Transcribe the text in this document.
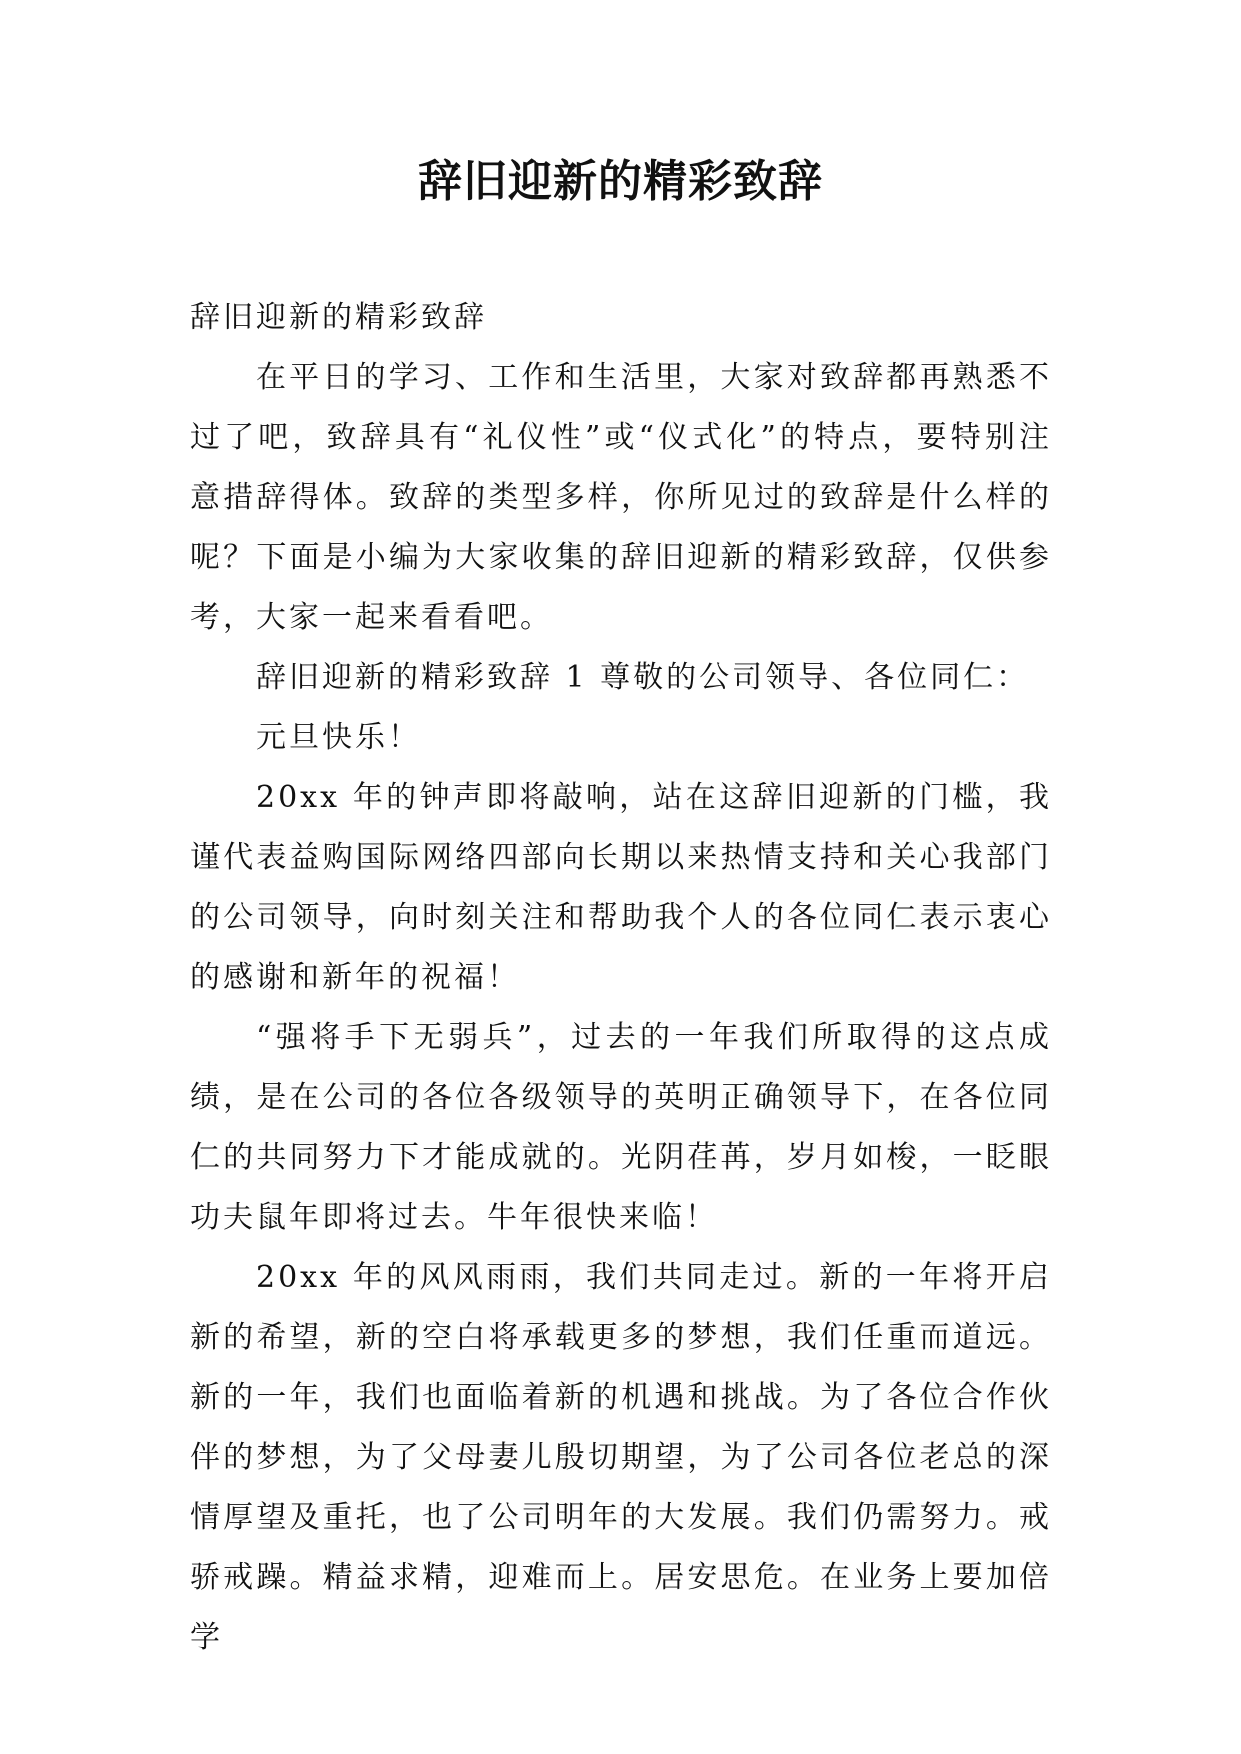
辞旧迎新的精彩致辞

辞旧迎新的精彩致辞

在平日的学习、工作和生活里，大家对致辞都再熟悉不过了吧，致辞具有“礼仪性”或“仪式化”的特点，要特别注意措辞得体。致辞的类型多样，你所见过的致辞是什么样的呢？下面是小编为大家收集的辞旧迎新的精彩致辞，仅供参考，大家一起来看看吧。

辞旧迎新的精彩致辞 1 尊敬的公司领导、各位同仁：

元旦快乐！

20xx 年的钟声即将敲响，站在这辞旧迎新的门槛，我谨代表益购国际网络四部向长期以来热情支持和关心我部门的公司领导，向时刻关注和帮助我个人的各位同仁表示衷心的感谢和新年的祝福！

“强将手下无弱兵”，过去的一年我们所取得的这点成绩，是在公司的各位各级领导的英明正确领导下，在各位同仁的共同努力下才能成就的。光阴荏苒，岁月如梭，一眨眼功夫鼠年即将过去。牛年很快来临！

20xx 年的风风雨雨，我们共同走过。新的一年将开启新的希望，新的空白将承载更多的梦想，我们任重而道远。新的一年，我们也面临着新的机遇和挑战。为了各位合作伙伴的梦想，为了父母妻儿殷切期望，为了公司各位老总的深情厚望及重托，也了公司明年的大发展。我们仍需努力。戒骄戒躁。精益求精，迎难而上。居安思危。在业务上要加倍学
